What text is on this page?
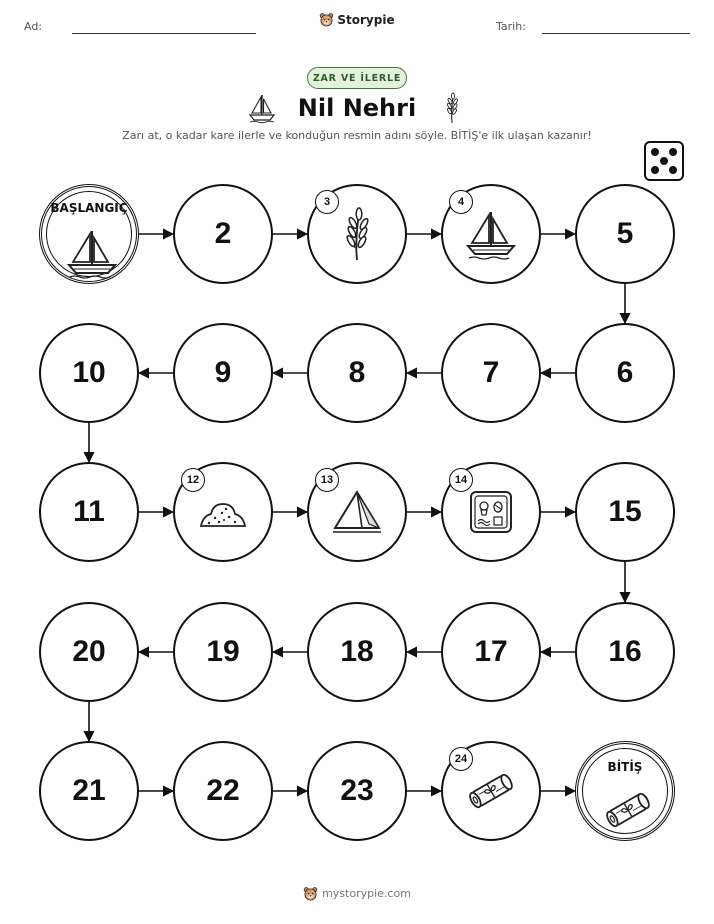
Ad:	Storypie	Tarih:
ZAR VE İLERLE
Nil Nehri
Zarı at, o kadar kare ilerle ve konduğun resmin adını söyle. BİTİŞ'e ilk ulaşan kazanır!
BAŞLANGIÇ
2
3	4
5
6
7
8
9
10
11
12	13	14
15
16
17
18
19
20
21	22	23
24
BİTİŞ
mystorypie.com
